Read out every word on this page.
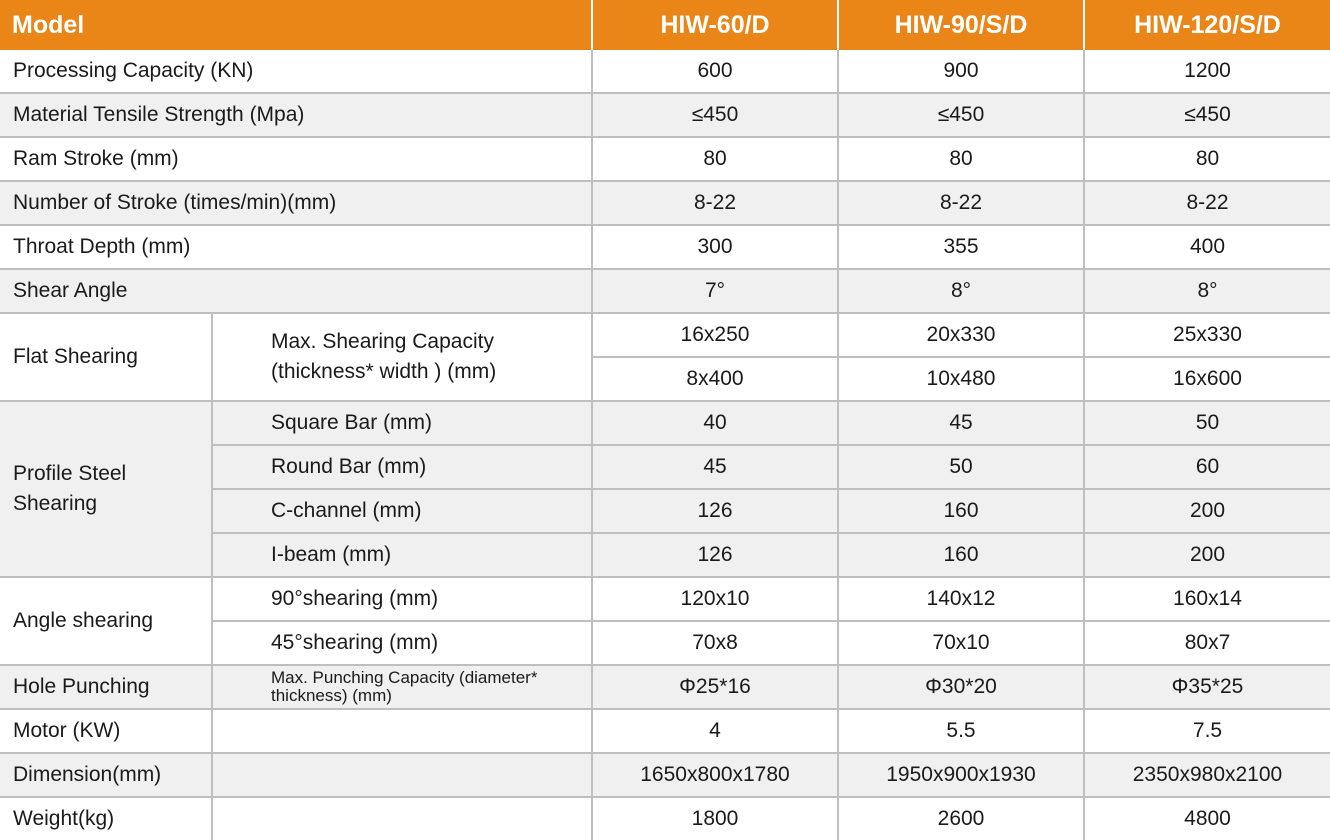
Model		HIW-60/D	HIW-90/S/D	HIW-120/S/D
Processing Capacity (KN)		600	900	1200
Material Tensile Strength (Mpa)		≤450	≤450	≤450
Ram Stroke (mm)		80	80	80
Number of Stroke (times/min)(mm)		8-22	8-22	8-22
Throat Depth (mm)		300	355	400
Shear Angle		7°	8°	8°
Flat Shearing	Max. Shearing Capacity (thickness* width ) (mm)	16x250	20x330	25x330
		8x400	10x480	16x600
Profile Steel Shearing	Square Bar (mm)	40	45	50
	Round Bar (mm)	45	50	60
	C-channel (mm)	126	160	200
	I-beam (mm)	126	160	200
Angle shearing	90°shearing (mm)	120x10	140x12	160x14
	45°shearing (mm)	70x8	70x10	80x7
Hole Punching	Max. Punching Capacity (diameter* thickness) (mm)	Φ25*16	Φ30*20	Φ35*25
Motor (KW)		4	5.5	7.5
Dimension(mm)		1650x800x1780	1950x900x1930	2350x980x2100
Weight(kg)		1800	2600	4800
